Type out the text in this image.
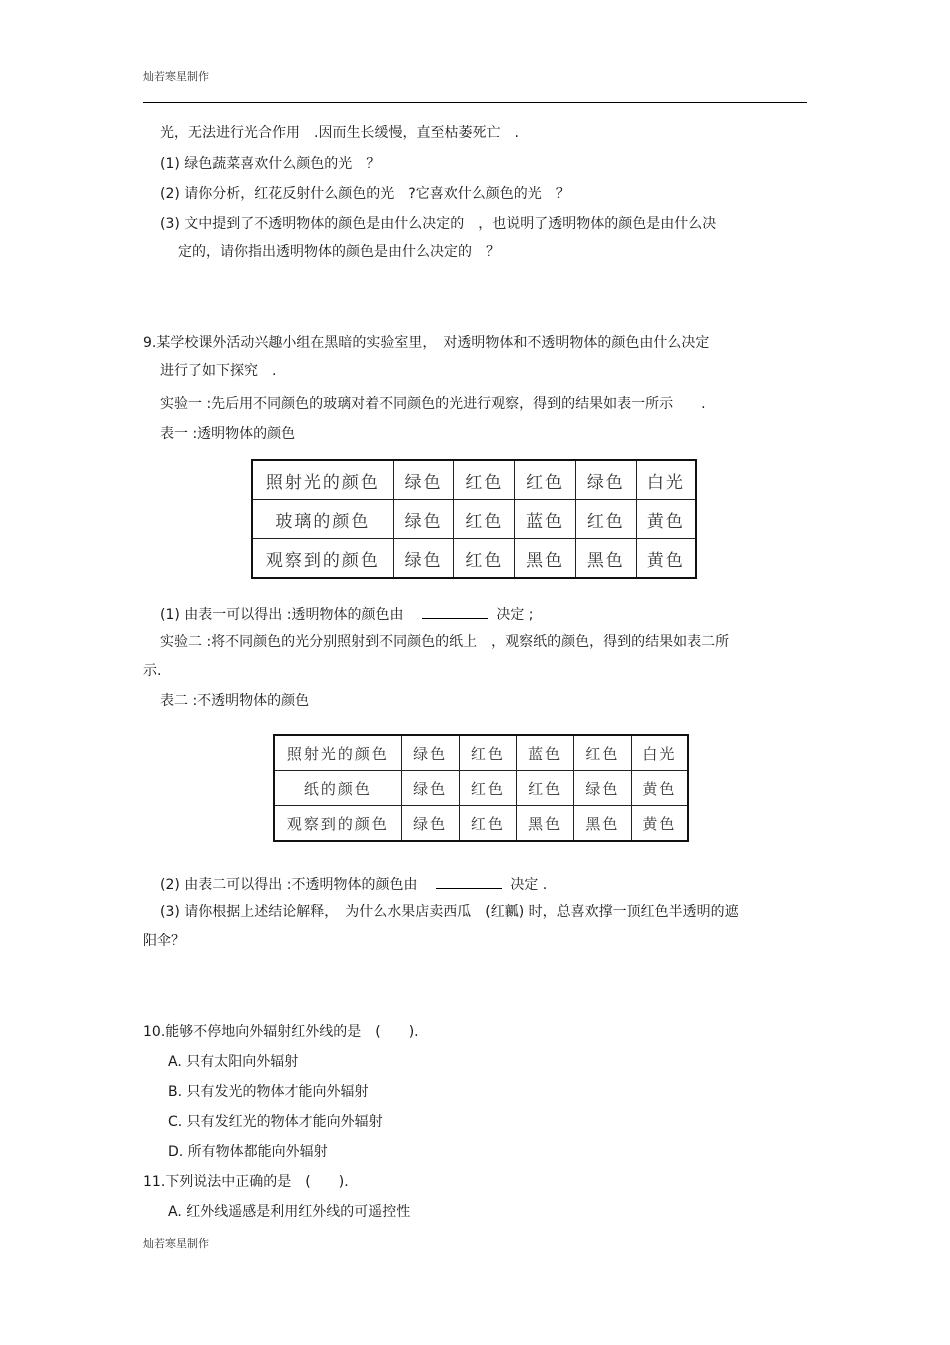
灿若寒星制作
光，无法进行光合作用　.因而生长缓慢，直至枯萎死亡　.
(1) 绿色蔬菜喜欢什么颜色的光　？
(2) 请你分析，红花反射什么颜色的光　?它喜欢什么颜色的光　？
(3) 文中提到了不透明物体的颜色是由什么决定的　，也说明了透明物体的颜色是由什么决
定的，请你指出透明物体的颜色是由什么决定的　？
9.某学校课外活动兴趣小组在黑暗的实验室里，　对透明物体和不透明物体的颜色由什么决定
进行了如下探究　.
实验一 :先后用不同颜色的玻璃对着不同颜色的光进行观察，得到的结果如表一所示　　.
表一 :透明物体的颜色
照射光的颜色	绿色	红色	红色	绿色	白光
玻璃的颜色	绿色	红色	蓝色	红色	黄色
观察到的颜色	绿色	红色	黑色	黑色	黄色
(1) 由表一可以得出 :透明物体的颜色由	决定 ;
实验二 :将不同颜色的光分别照射到不同颜色的纸上　，观察纸的颜色，得到的结果如表二所
示.
表二 :不透明物体的颜色
照射光的颜色	绿色	红色	蓝色	红色	白光
纸的颜色	绿色	红色	红色	绿色	黄色
观察到的颜色	绿色	红色	黑色	黑色	黄色
(2) 由表二可以得出 :不透明物体的颜色由	决定 .
(3) 请你根据上述结论解释，　为什么水果店卖西瓜　(红瓤) 时，总喜欢撑一顶红色半透明的遮
阳伞？
10.能够不停地向外辐射红外线的是　(　　).
A. 只有太阳向外辐射
B. 只有发光的物体才能向外辐射
C. 只有发红光的物体才能向外辐射
D. 所有物体都能向外辐射
11.下列说法中正确的是　(　　).
A. 红外线遥感是利用红外线的可遥控性
灿若寒星制作
